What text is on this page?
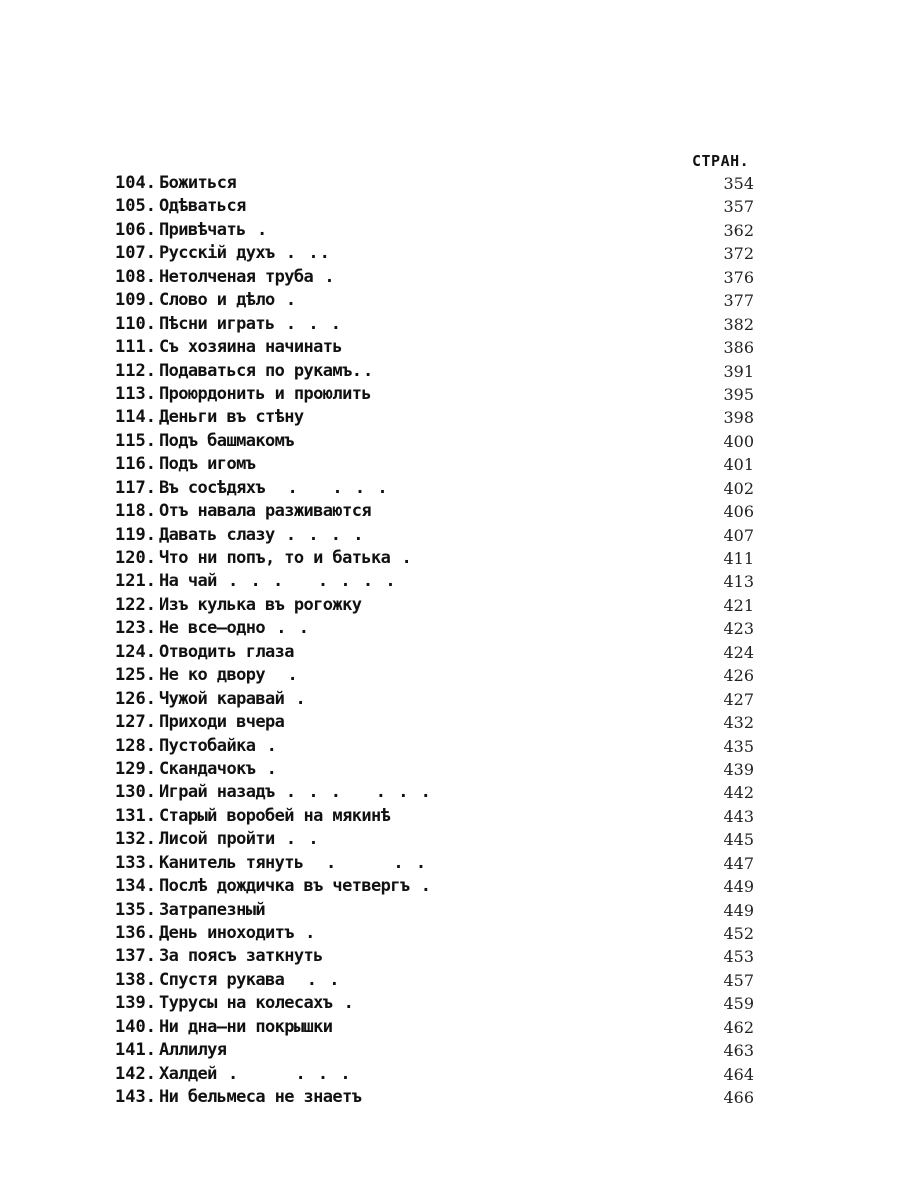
СТРАН.
104. Божиться	354
105. Одѣваться	357
106. Привѣчать .	362
107. Русскій духъ . ..	372
108. Нетолченая труба .	376
109. Слово и дѣло .	377
110. Пѣсни играть . . .	382
111. Съ хозяина начинать	386
112. Подаваться по рукамъ..	391
113. Проюрдонить и проюлить	395
114. Деньги въ стѣну	398
115. Подъ башмакомъ	400
116. Подъ игомъ	401
117. Въ сосѣдяхъ  .   . . .	402
118. Отъ навала разживаются	406
119. Давать слазу . . . .	407
120. Что ни попъ, то и батька .	411
121. На чай . . .   . . . .	413
122. Изъ кулька въ рогожку	421
123. Не все—одно . .	423
124. Отводить глаза	424
125. Не ко двору  .	426
126. Чужой каравай .	427
127. Приходи вчера	432
128. Пустобайка .	435
129. Скандачокъ .	439
130. Играй назадъ . . .   . . .	442
131. Старый воробей на мякинѣ	443
132. Лисой пройти . .	445
133. Канитель тянуть  .     . .	447
134. Послѣ дождичка въ четвергъ .	449
135. Затрапезный	449
136. День иноходитъ .	452
137. За поясъ заткнуть	453
138. Спустя рукава  . .	457
139. Турусы на колесахъ .	459
140. Ни дна—ни покрышки	462
141. Аллилуя	463
142. Халдей .     . . .	464
143. Ни бельмеса не знаетъ	466
